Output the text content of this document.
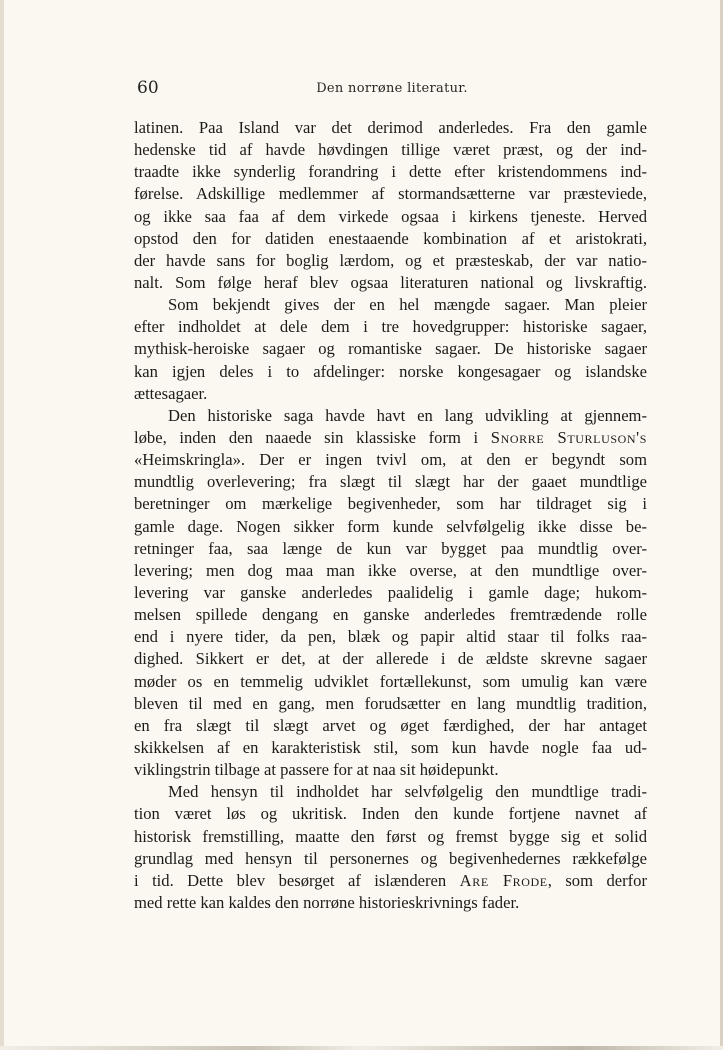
60	Den norrøne literatur.
latinen. Paa Island var det derimod anderledes. Fra den gamle
hedenske tid af havde høvdingen tillige været præst, og der ind-
traadte ikke synderlig forandring i dette efter kristendommens ind-
førelse. Adskillige medlemmer af stormandsætterne var præsteviede,
og ikke saa faa af dem virkede ogsaa i kirkens tjeneste. Herved
opstod den for datiden enestaaende kombination af et aristokrati,
der havde sans for boglig lærdom, og et præsteskab, der var natio-
nalt. Som følge heraf blev ogsaa literaturen national og livskraftig.
Som bekjendt gives der en hel mængde sagaer. Man pleier
efter indholdet at dele dem i tre hovedgrupper: historiske sagaer,
mythisk-heroiske sagaer og romantiske sagaer. De historiske sagaer
kan igjen deles i to afdelinger: norske kongesagaer og islandske
ættesagaer.
Den historiske saga havde havt en lang udvikling at gjennem-
løbe, inden den naaede sin klassiske form i Snorre Sturluson's
«Heimskringla». Der er ingen tvivl om, at den er begyndt som
mundtlig overlevering; fra slægt til slægt har der gaaet mundtlige
beretninger om mærkelige begivenheder, som har tildraget sig i
gamle dage. Nogen sikker form kunde selvfølgelig ikke disse be-
retninger faa, saa længe de kun var bygget paa mundtlig over-
levering; men dog maa man ikke overse, at den mundtlige over-
levering var ganske anderledes paalidelig i gamle dage; hukom-
melsen spillede dengang en ganske anderledes fremtrædende rolle
end i nyere tider, da pen, blæk og papir altid staar til folks raa-
dighed. Sikkert er det, at der allerede i de ældste skrevne sagaer
møder os en temmelig udviklet fortællekunst, som umulig kan være
bleven til med en gang, men forudsætter en lang mundtlig tradition,
en fra slægt til slægt arvet og øget færdighed, der har antaget
skikkelsen af en karakteristisk stil, som kun havde nogle faa ud-
viklingstrin tilbage at passere for at naa sit høidepunkt.
Med hensyn til indholdet har selvfølgelig den mundtlige tradi-
tion været løs og ukritisk. Inden den kunde fortjene navnet af
historisk fremstilling, maatte den først og fremst bygge sig et solid
grundlag med hensyn til personernes og begivenhedernes rækkefølge
i tid. Dette blev besørget af islænderen Are Frode, som derfor
med rette kan kaldes den norrøne historieskrivnings fader.
